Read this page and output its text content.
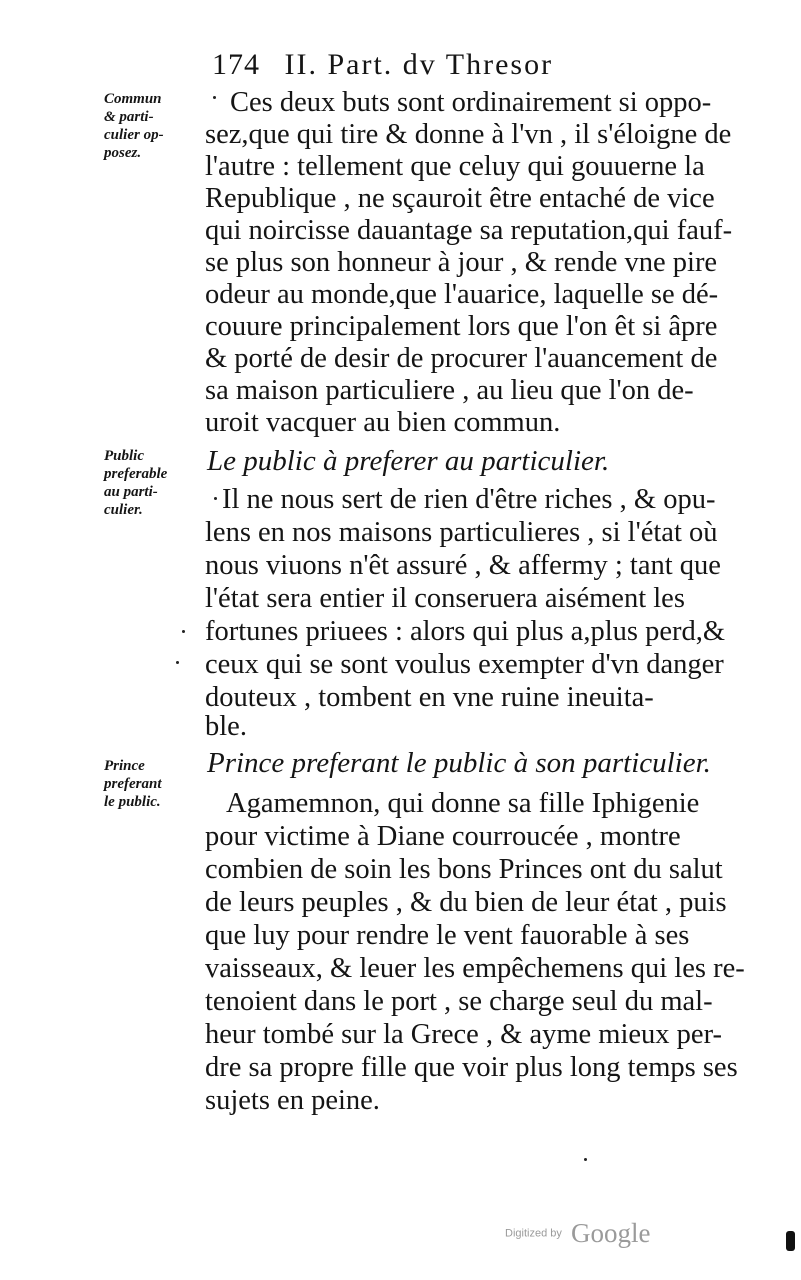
174 II. Part. dv Thresor
Commun
& parti-
culier op-
posez.
Public
preferable
au parti-
culier.
Prince
preferant
le public.
Ces deux buts sont ordinairement si oppo-
sez,que qui tire & donne à l'vn , il s'éloigne de
l'autre : tellement que celuy qui gouuerne la
Republique , ne sçauroit être entaché de vice
qui noircisse dauantage sa reputation,qui fauf-
se plus son honneur à jour , & rende vne pire
odeur au monde,que l'auarice, laquelle se dé-
couure principalement lors que l'on êt si âpre
& porté de desir de procurer l'auancement de
sa maison particuliere , au lieu que l'on de-
uroit vacquer au bien commun.
Le public à preferer au particulier.
Il ne nous sert de rien d'être riches , & opu-
lens en nos maisons particulieres , si l'état où
nous viuons n'êt assuré , & affermy ; tant que
l'état sera entier il conseruera aisément les
fortunes priuees : alors qui plus a,plus perd,&
ceux qui se sont voulus exempter d'vn danger
douteux , tombent en vne ruine ineuita-
ble.
Prince preferant le public à son particulier.
Agamemnon, qui donne sa fille Iphigenie
pour victime à Diane courroucée , montre
combien de soin les bons Princes ont du salut
de leurs peuples , & du bien de leur état , puis
que luy pour rendre le vent fauorable à ses
vaisseaux, & leuer les empêchemens qui les re-
tenoient dans le port , se charge seul du mal-
heur tombé sur la Grece , & ayme mieux per-
dre sa propre fille que voir plus long temps ses
sujets en peine.
Digitized by Google
